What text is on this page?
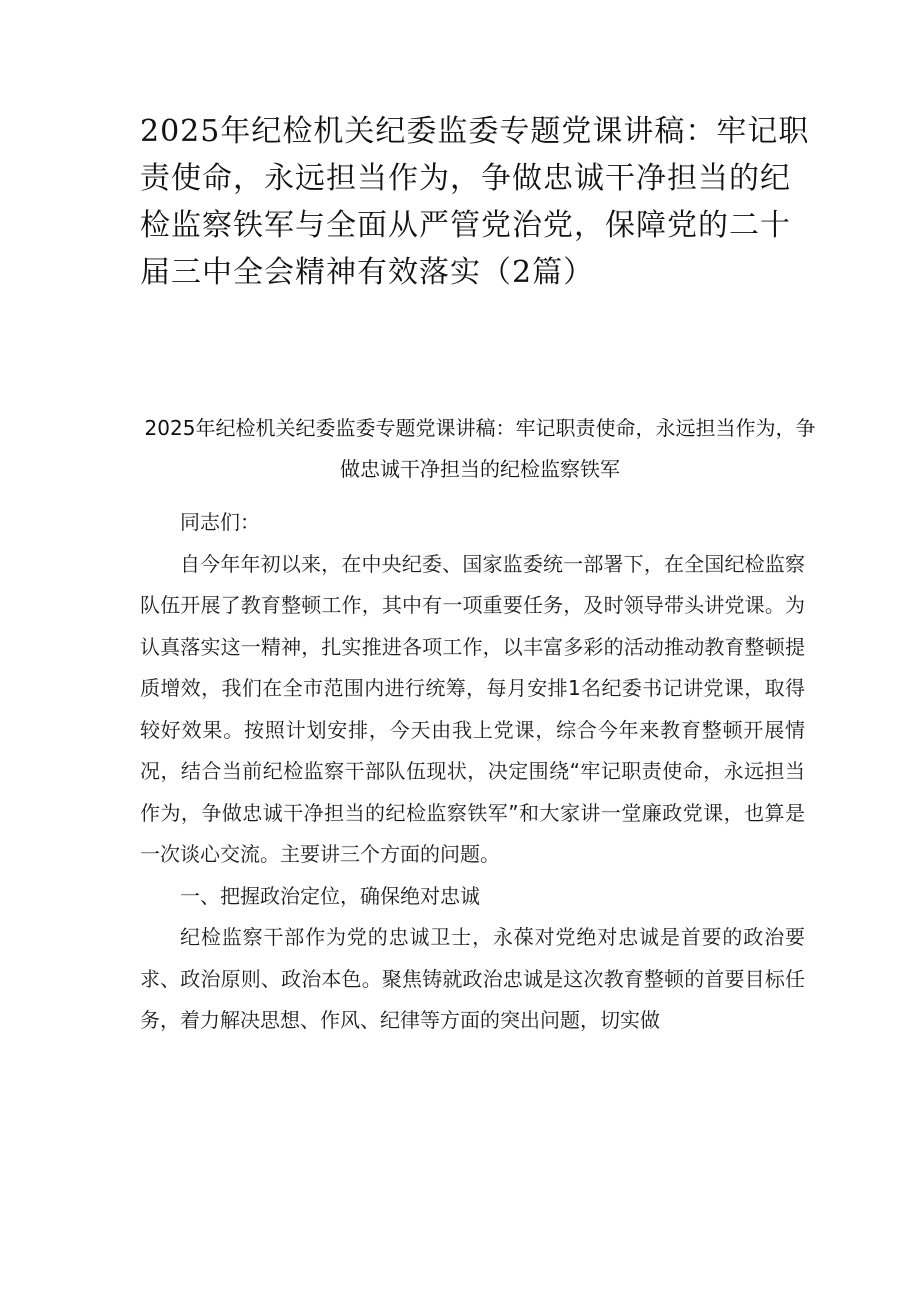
2025年纪检机关纪委监委专题党课讲稿：牢记职责使命，永远担当作为，争做忠诚干净担当的纪检监察铁军与全面从严管党治党，保障党的二十届三中全会精神有效落实（2篇）
2025年纪检机关纪委监委专题党课讲稿：牢记职责使命，永远担当作为，争做忠诚干净担当的纪检监察铁军

同志们：

自今年年初以来，在中央纪委、国家监委统一部署下，在全国纪检监察队伍开展了教育整顿工作，其中有一项重要任务，及时领导带头讲党课。为认真落实这一精神，扎实推进各项工作，以丰富多彩的活动推动教育整顿提质增效，我们在全市范围内进行统筹，每月安排1名纪委书记讲党课，取得较好效果。按照计划安排，今天由我上党课，综合今年来教育整顿开展情况，结合当前纪检监察干部队伍现状，决定围绕“牢记职责使命，永远担当作为，争做忠诚干净担当的纪检监察铁军”和大家讲一堂廉政党课，也算是一次谈心交流。主要讲三个方面的问题。

一、把握政治定位，确保绝对忠诚

纪检监察干部作为党的忠诚卫士，永葆对党绝对忠诚是首要的政治要求、政治原则、政治本色。聚焦铸就政治忠诚是这次教育整顿的首要目标任务，着力解决思想、作风、纪律等方面的突出问题，切实做
